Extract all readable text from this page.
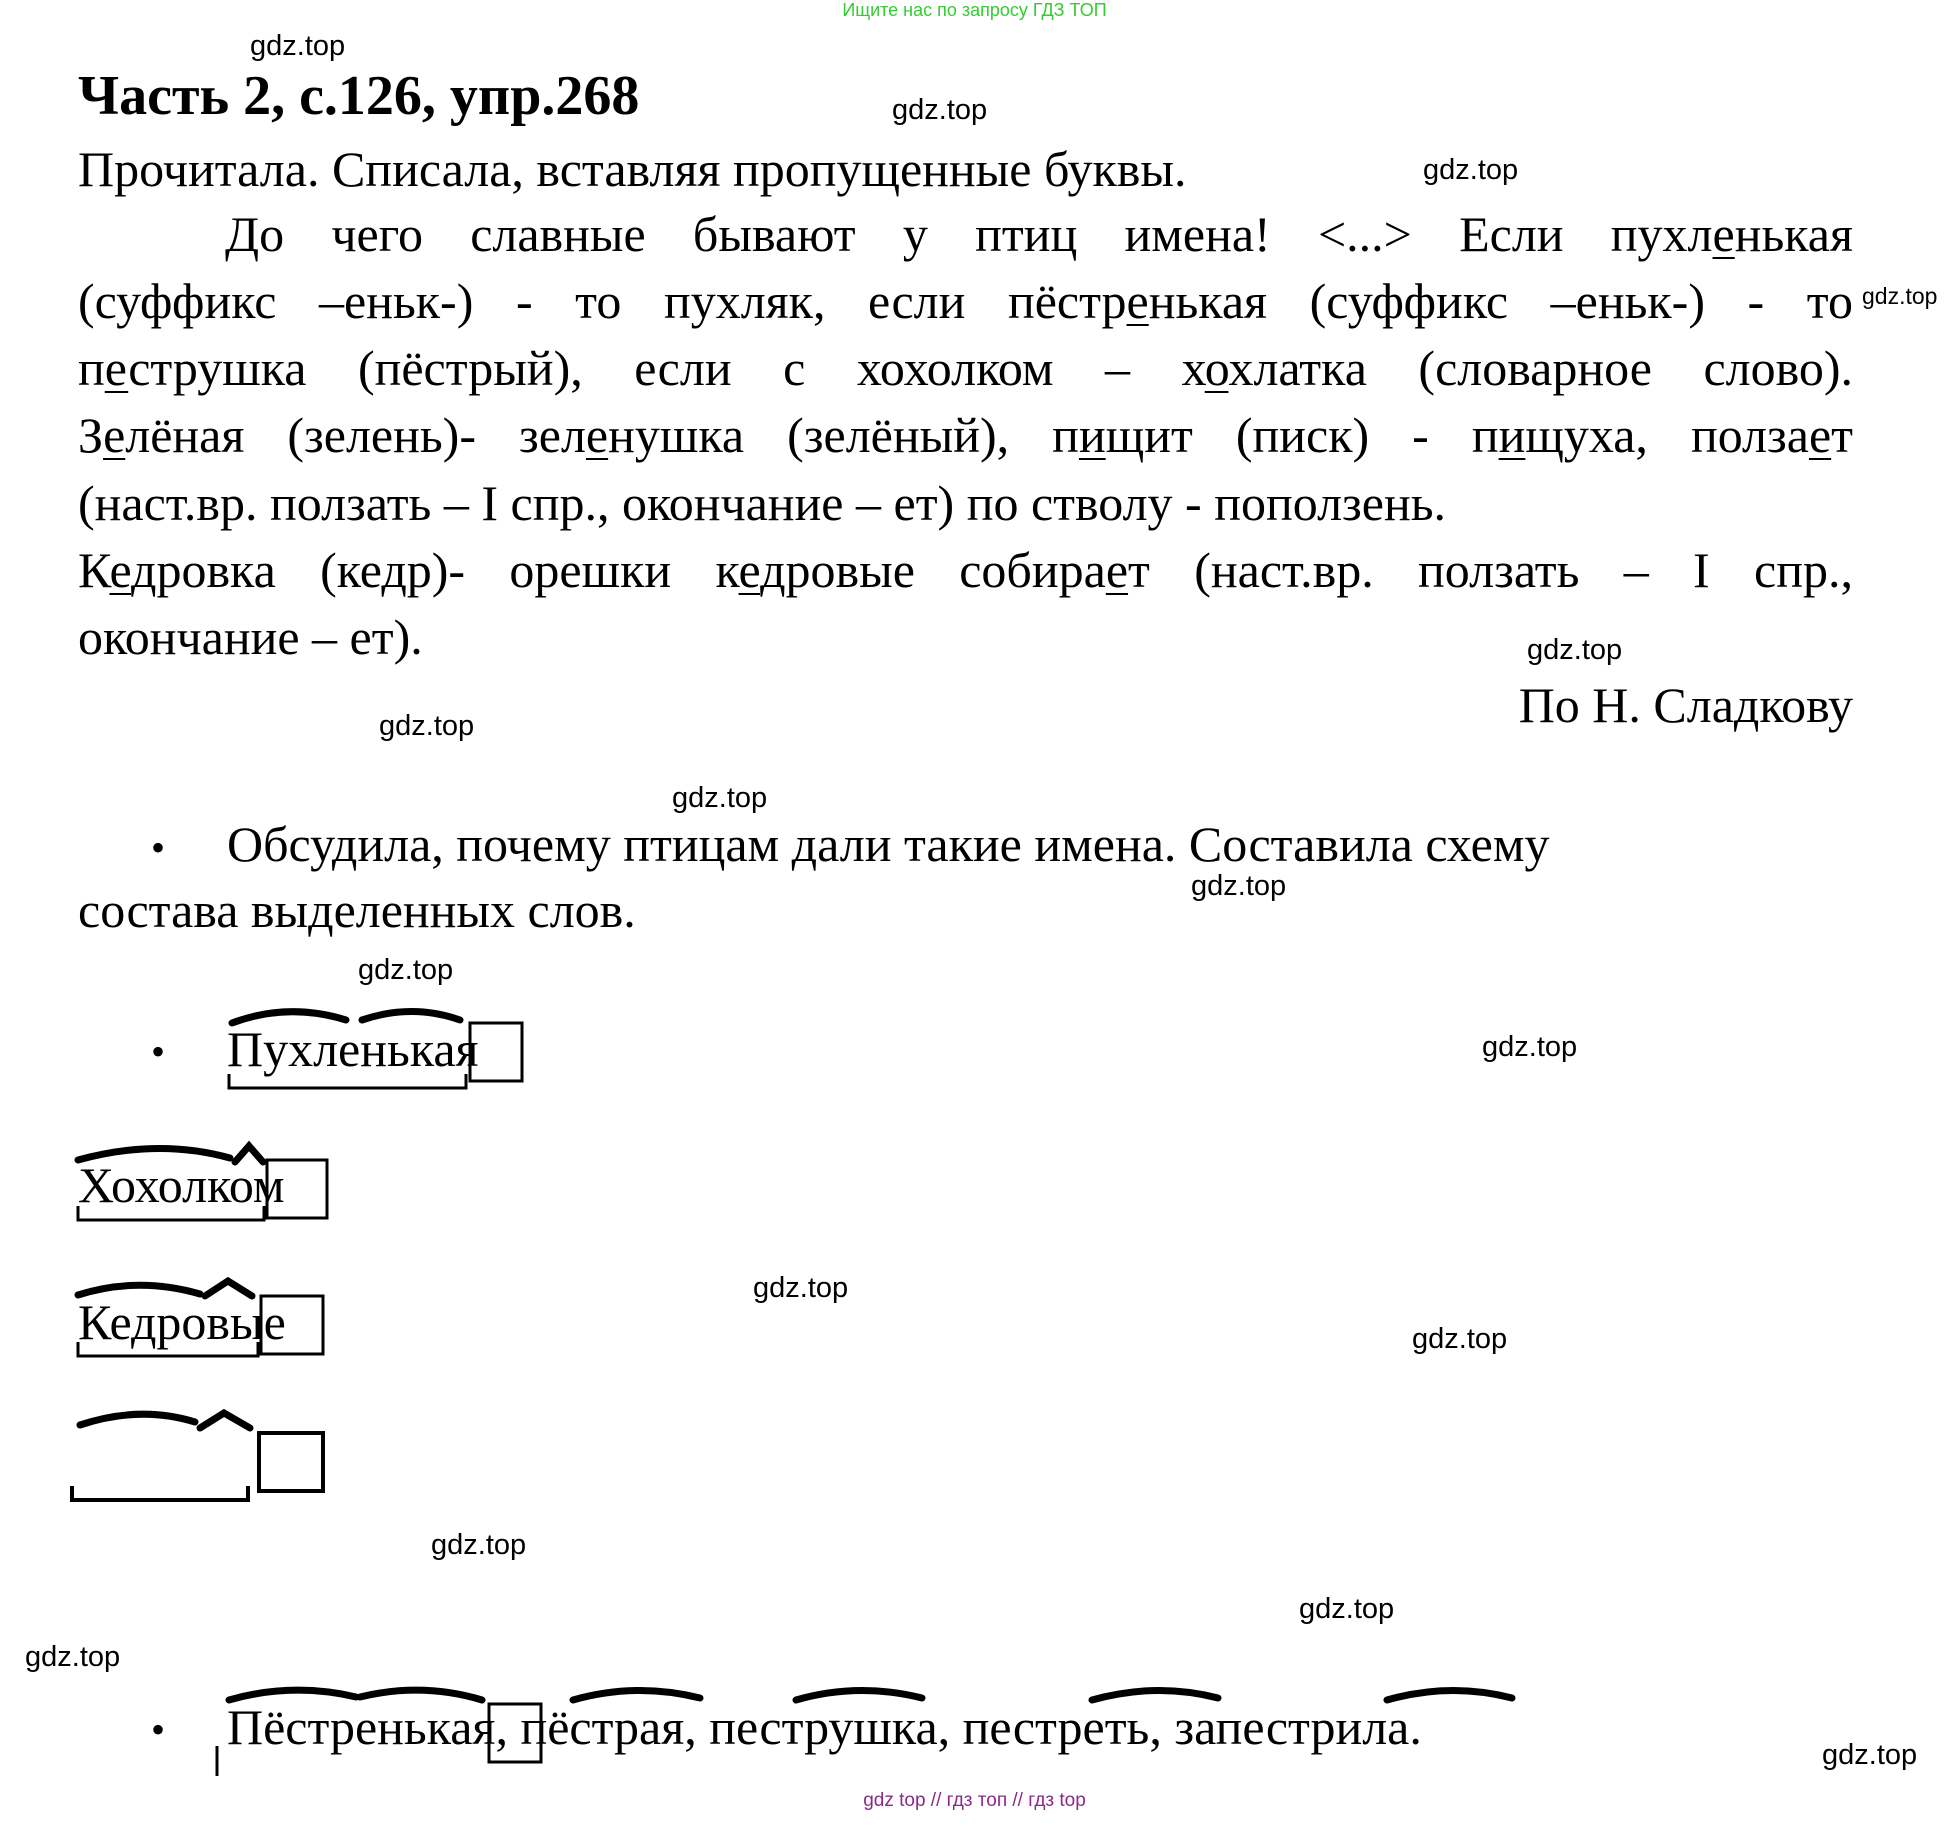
Ищите нас по запросу ГДЗ ТОП
gdz.top
gdz.top
gdz.top
gdz.top
gdz.top
gdz.top
gdz.top
gdz.top
gdz.top
gdz.top
gdz.top
gdz.top
gdz.top
gdz.top
gdz.top
gdz.top
Часть 2, с.126, упр.268
Прочитала. Списала, вставляя пропущенные буквы.
До чего славные бывают у птиц имена! <...> Если пухленькая
(суффикс –еньк-) - то пухляк, если пёстренькая (суффикс –еньк-) - то
пеструшка (пёстрый), если с хохолком – хохлатка (словарное слово).
Зелёная (зелень)- зеленушка (зелёный), пищит (писк) - пищуха, ползaет
(наст.вр. ползать – I спр., окончание – ет) по стволу - поползень.
Кедровка (кедр)- орешки кедровые собирает (наст.вр. ползать – I спр.,
окончание – ет).
По Н. Сладкову
• Обсудила, почему птицам дали такие имена. Составила схему
состава выделенных слов.
• Пухленькая
Хохолком
Кедровые
• Пёстренькая, пёстрая, пеструшка, пестреть, запестрила.
gdz top // гдз топ // гдз top
